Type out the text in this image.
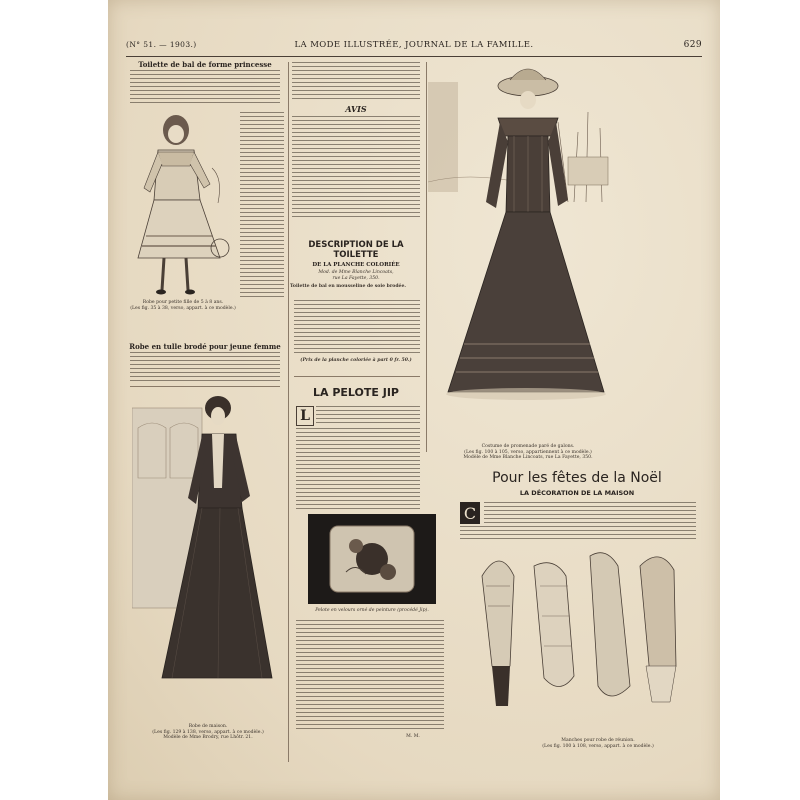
(N° 51. — 1903.)	LA MODE ILLUSTRÉE, JOURNAL DE LA FAMILLE.	629
Toilette de bal de forme princesse
Robe pour petite fille de 5 à 8 ans.
(Les fig. 35 à 38, verso, appart. à ce modèle.)
Robe en tulle brodé pour jeune femme
Robe de maison.
(Les fig. 129 à 138, verso, appart. à ce modèle.)
Modèle de Mme Brodry, rue Lhôtr. 21.
AVIS
DESCRIPTION DE LA TOILETTE
DE LA PLANCHE COLORIÉE
Mod. de Mme Blanche Lincoats,
rue La Fayette, 350.
Toilette de bal en mousseline de soie brodée.
(Prix de la planche coloriée à part 0 fr. 50.)
LA PELOTE JIP
L
Pelote en velours orné de peinture (procédé Jip).
M. M.
Costume de promenade paré de galons.
(Les fig. 100 à 105, verso, appartiennent à ce modèle.)
Modèle de Mme Blanche Lincoats, rue La Fayette, 350.
Pour les fêtes de la Noël
LA DÉCORATION DE LA MAISON
C
Manches pour robe de réunion.
(Les fig. 100 à 108, verso, appart. à ce modèle.)
